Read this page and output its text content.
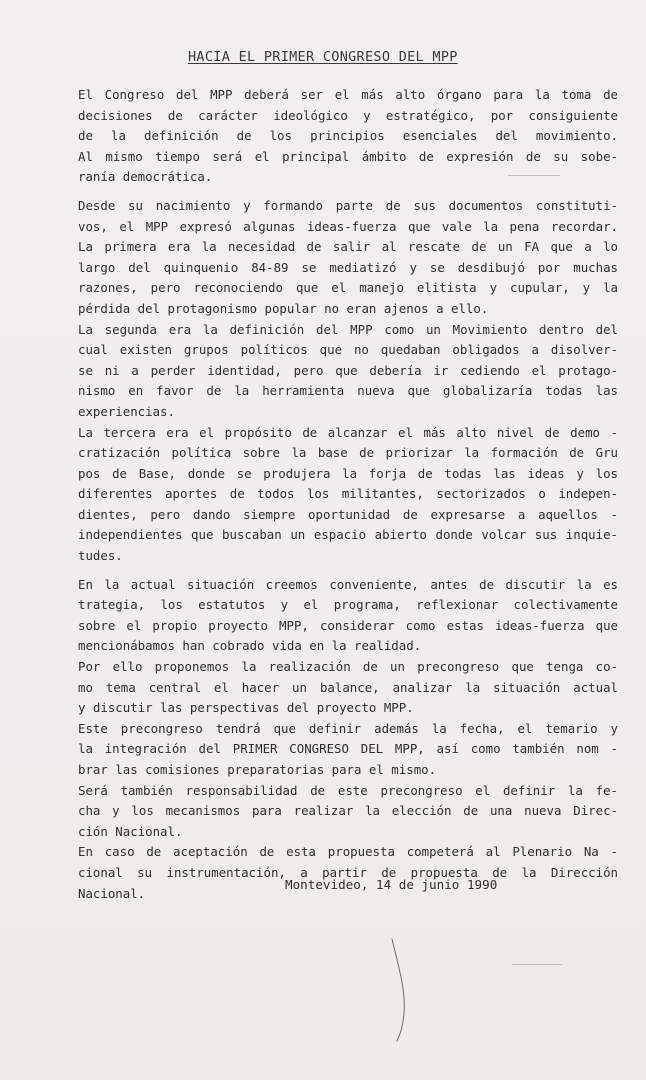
HACIA EL PRIMER CONGRESO DEL MPP
El Congreso del MPP deberá ser el más alto órgano para la toma de
decisiones de carácter ideológico y estratégico, por consiguiente
de la definición de los principios esenciales del movimiento.
Al mismo tiempo será el principal ámbito de expresión de su sobe-
ranía democrática.
Desde su nacimiento y formando parte de sus documentos constituti-
vos, el MPP expresó algunas ideas-fuerza que vale la pena recordar.
La primera era la necesidad de salir al rescate de un FA que a lo
largo del quinquenio 84-89 se mediatizó y se desdibujó por muchas
razones, pero reconociendo que el manejo elitista y cupular, y la
pérdida del protagonismo popular no eran ajenos a ello.
La segunda era la definición del MPP como un Movimiento dentro del
cual existen grupos políticos que no quedaban obligados a disolver-
se ni a perder identidad, pero que debería ir cediendo el protago-
nismo en favor de la herramienta nueva que globalizaría todas las
experiencias.
La tercera era el propósito de alcanzar el más alto nivel de demo -
cratización política sobre la base de priorizar la formación de Gru
pos de Base, donde se produjera la forja de todas las ideas y los
diferentes aportes de todos los militantes, sectorizados o indepen-
dientes, pero dando siempre oportunidad de expresarse a aquellos -
independientes que buscaban un espacio abierto donde volcar sus inquie-
tudes.
En la actual situación creemos conveniente, antes de discutir la es
trategia, los estatutos y el programa, reflexionar colectivamente
sobre el propio proyecto MPP, considerar como estas ideas-fuerza que
mencionábamos han cobrado vida en la realidad.
Por ello proponemos la realización de un precongreso que tenga co-
mo tema central el hacer un balance, analizar la situación actual
y discutir las perspectivas del proyecto MPP.
Este precongreso tendrá que definir además la fecha, el temario y
la integración del PRIMER CONGRESO DEL MPP, así como también nom -
brar las comisiones preparatorias para el mismo.
Será también responsabilidad de este precongreso el definir la fe-
cha y los mecanismos para realizar la elección de una nueva Direc-
ción Nacional.
En caso de aceptación de esta propuesta competerá al Plenario Na -
cional su instrumentación, a partir de propuesta de la Dirección
Nacional.
Montevideo, 14 de junio 1990
